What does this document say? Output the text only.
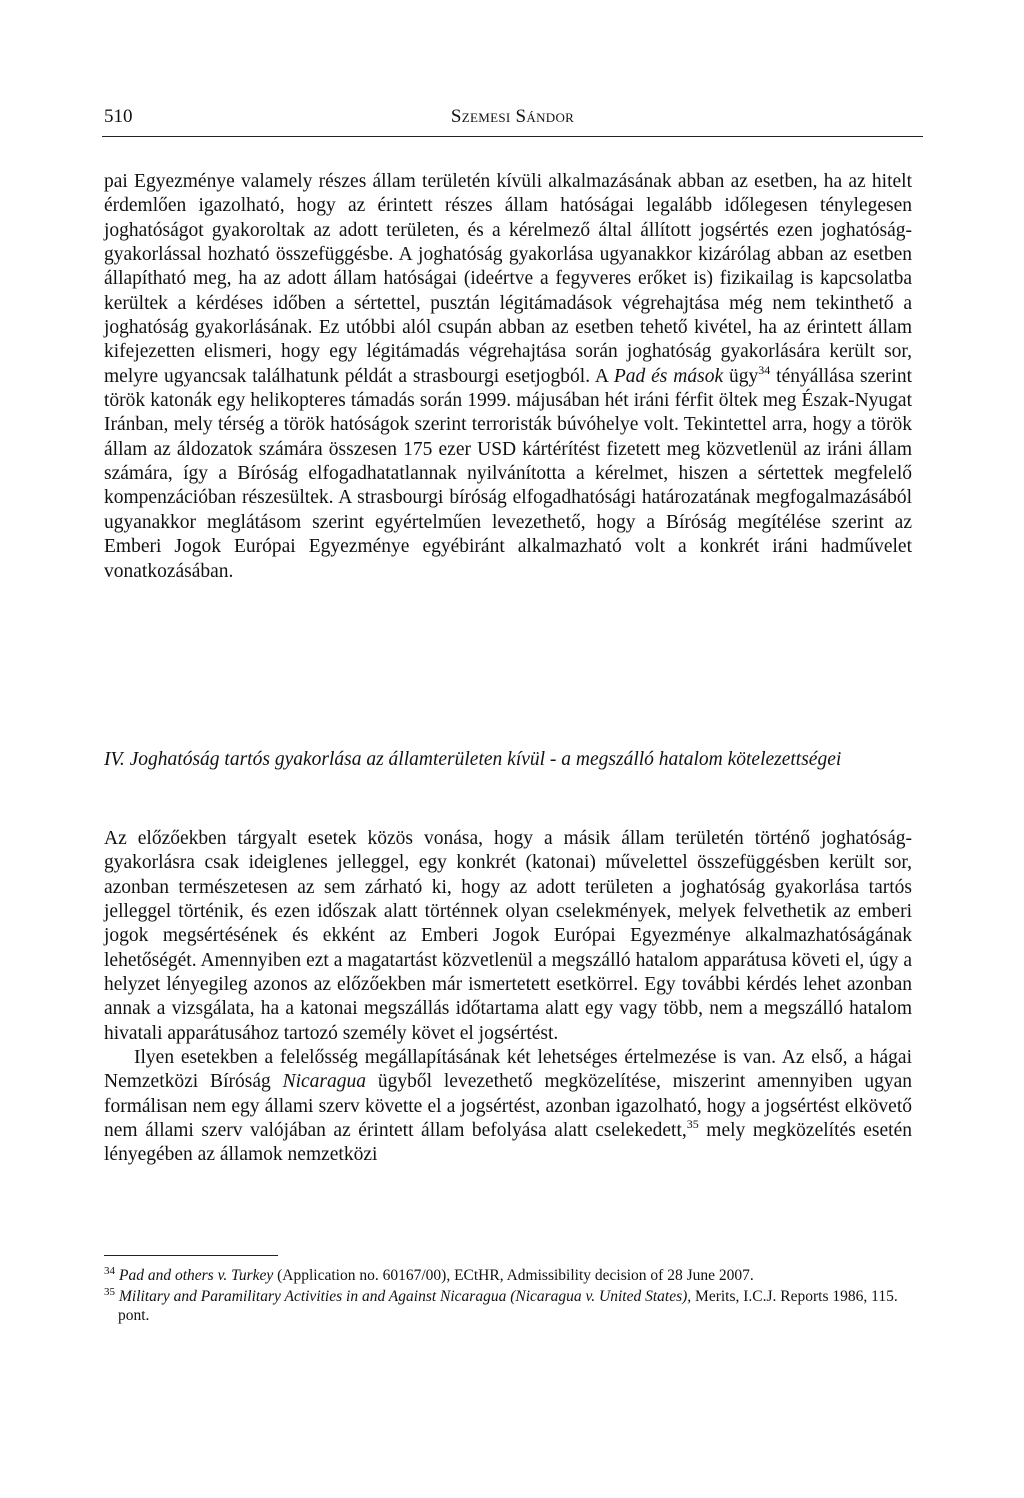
510	Szemesi Sándor

pai Egyezménye valamely részes állam területén kívüli alkalmazásának abban az esetben, ha az hitelt érdemlően igazolható, hogy az érintett részes állam hatóságai legalább időlegesen ténylegesen joghatóságot gyakoroltak az adott területen, és a kérelmező által állított jogsértés ezen joghatóság-gyakorlással hozható összefüggésbe. A joghatóság gyakorlása ugyanakkor kizárólag abban az esetben állapítható meg, ha az adott állam hatóságai (ideértve a fegyveres erőket is) fizikailag is kapcsolatba kerültek a kérdéses időben a sértettel, pusztán légitámadások végrehajtása még nem tekinthető a joghatóság gyakorlásának. Ez utóbbi alól csupán abban az esetben tehető kivétel, ha az érintett állam kifejezetten elismeri, hogy egy légitámadás végrehajtása során joghatóság gyakorlására került sor, melyre ugyancsak találhatunk példát a strasbourgi esetjogból. A Pad és mások ügy$^{34}$ tényállása szerint török katonák egy helikopteres támadás során 1999. májusában hét iráni férfit öltek meg Észak-Nyugat Iránban, mely térség a török hatóságok szerint terroristák búvóhelye volt. Tekintettel arra, hogy a török állam az áldozatok számára összesen 175 ezer USD kártérítést fizetett meg közvetlenül az iráni állam számára, így a Bíróság elfogadhatatlannak nyilvánította a kérelmet, hiszen a sértettek megfelelő kompenzációban részesültek. A strasbourgi bíróság elfogadhatósági határozatának megfogalmazásából ugyanakkor meglátásom szerint egyértelműen levezethető, hogy a Bíróság megítélése szerint az Emberi Jogok Európai Egyezménye egyébiránt alkalmazható volt a konkrét iráni hadművelet vonatkozásában.

IV. Joghatóság tartós gyakorlása az államterületen kívül - a megszálló hatalom kötelezettségei

Az előzőekben tárgyalt esetek közös vonása, hogy a másik állam területén történő joghatóság-gyakorlásra csak ideiglenes jelleggel, egy konkrét (katonai) művelettel összefüggésben került sor, azonban természetesen az sem zárható ki, hogy az adott területen a joghatóság gyakorlása tartós jelleggel történik, és ezen időszak alatt történnek olyan cselekmények, melyek felvethetik az emberi jogok megsértésének és ekként az Emberi Jogok Európai Egyezménye alkalmazhatóságának lehetőségét. Amennyiben ezt a magatartást közvetlenül a megszálló hatalom apparátusa követi el, úgy a helyzet lényegileg azonos az előzőekben már ismertetett esetkörrel. Egy további kérdés lehet azonban annak a vizsgálata, ha a katonai megszállás időtartama alatt egy vagy több, nem a megszálló hatalom hivatali apparátusához tartozó személy követ el jogsértést.

Ilyen esetekben a felelősség megállapításának két lehetséges értelmezése is van. Az első, a hágai Nemzetközi Bíróság Nicaragua ügyből levezethető megközelítése, miszerint amennyiben ugyan formálisan nem egy állami szerv követte el a jogsértést, azonban igazolható, hogy a jogsértést elkövető nem állami szerv valójában az érintett állam befolyása alatt cselekedett,$^{35}$ mely megközelítés esetén lényegében az államok nemzetközi

$^{34}$ Pad and others v. Turkey (Application no. 60167/00), ECtHR, Admissibility decision of 28 June 2007.

$^{35}$ Military and Paramilitary Activities in and Against Nicaragua (Nicaragua v. United States), Merits, I.C.J. Reports 1986, 115. pont.
